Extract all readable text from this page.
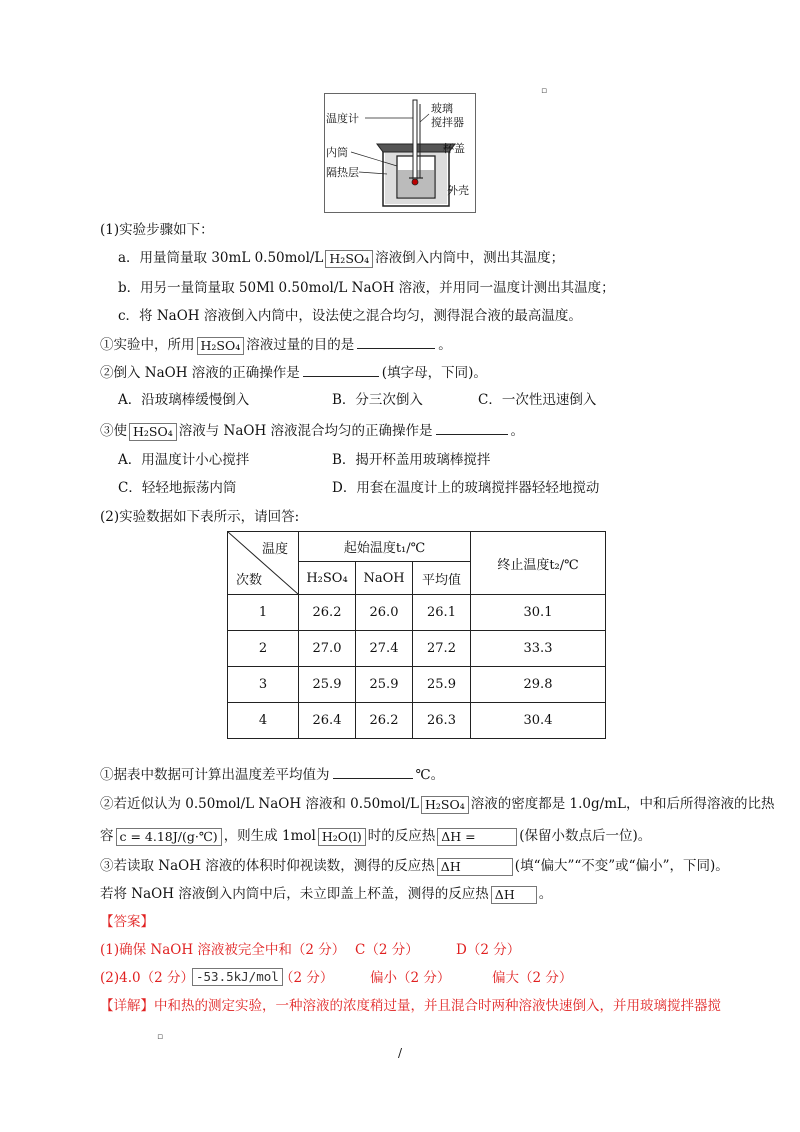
▫
▫
/
温度计
玻璃
搅拌器
内筒	杯盖
隔热层
外壳
(1)实验步骤如下：
a．用量筒量取 30mL 0.50mol/L H₂SO₄ 溶液倒入内筒中，测出其温度；
b．用另一量筒量取 50Ml 0.50mol/L NaOH 溶液，并用同一温度计测出其温度；
c．将 NaOH 溶液倒入内筒中，设法使之混合均匀，测得混合液的最高温度。
①实验中，所用 H₂SO₄ 溶液过量的目的是	。
②倒入 NaOH 溶液的正确操作是	(填字母，下同)。
A．沿玻璃棒缓慢倒入	B．分三次倒入	C．一次性迅速倒入
③使 H₂SO₄ 溶液与 NaOH 溶液混合均匀的正确操作是	。
A．用温度计小心搅拌	B．揭开杯盖用玻璃棒搅拌
C．轻轻地振荡内筒	D．用套在温度计上的玻璃搅拌器轻轻地搅动
(2)实验数据如下表所示，请回答:
温度
次数	起始温度t₁/℃			终止温度t₂/℃
	H₂SO₄	NaOH	平均值	
1	26.2	26.0	26.1	30.1
2	27.0	27.4	27.2	33.3
3	25.9	25.9	25.9	29.8
4	26.4	26.2	26.3	30.4
①据表中数据可计算出温度差平均值为	℃。
②若近似认为 0.50mol/L NaOH 溶液和 0.50mol/L H₂SO₄ 溶液的密度都是 1.0g/mL，中和后所得溶液的比热
容 c = 4.18J/(g·℃) ，则生成 1mol H₂O(l) 时的反应热 ΔH =	(保留小数点后一位)。
③若读取 NaOH 溶液的体积时仰视读数，测得的反应热 ΔH	(填“偏大”“不变”或“偏小”，下同)。
若将 NaOH 溶液倒入内筒中后，未立即盖上杯盖，测得的反应热 ΔH 。
【答案】
(1)确保 NaOH 溶液被完全中和（2 分） C（2 分）	D（2 分）
(2)4.0（2 分） -53.5kJ/mol （2 分）	偏小（2 分）	偏大（2 分）
【详解】中和热的测定实验，一种溶液的浓度稍过量，并且混合时两种溶液快速倒入，并用玻璃搅拌器搅
